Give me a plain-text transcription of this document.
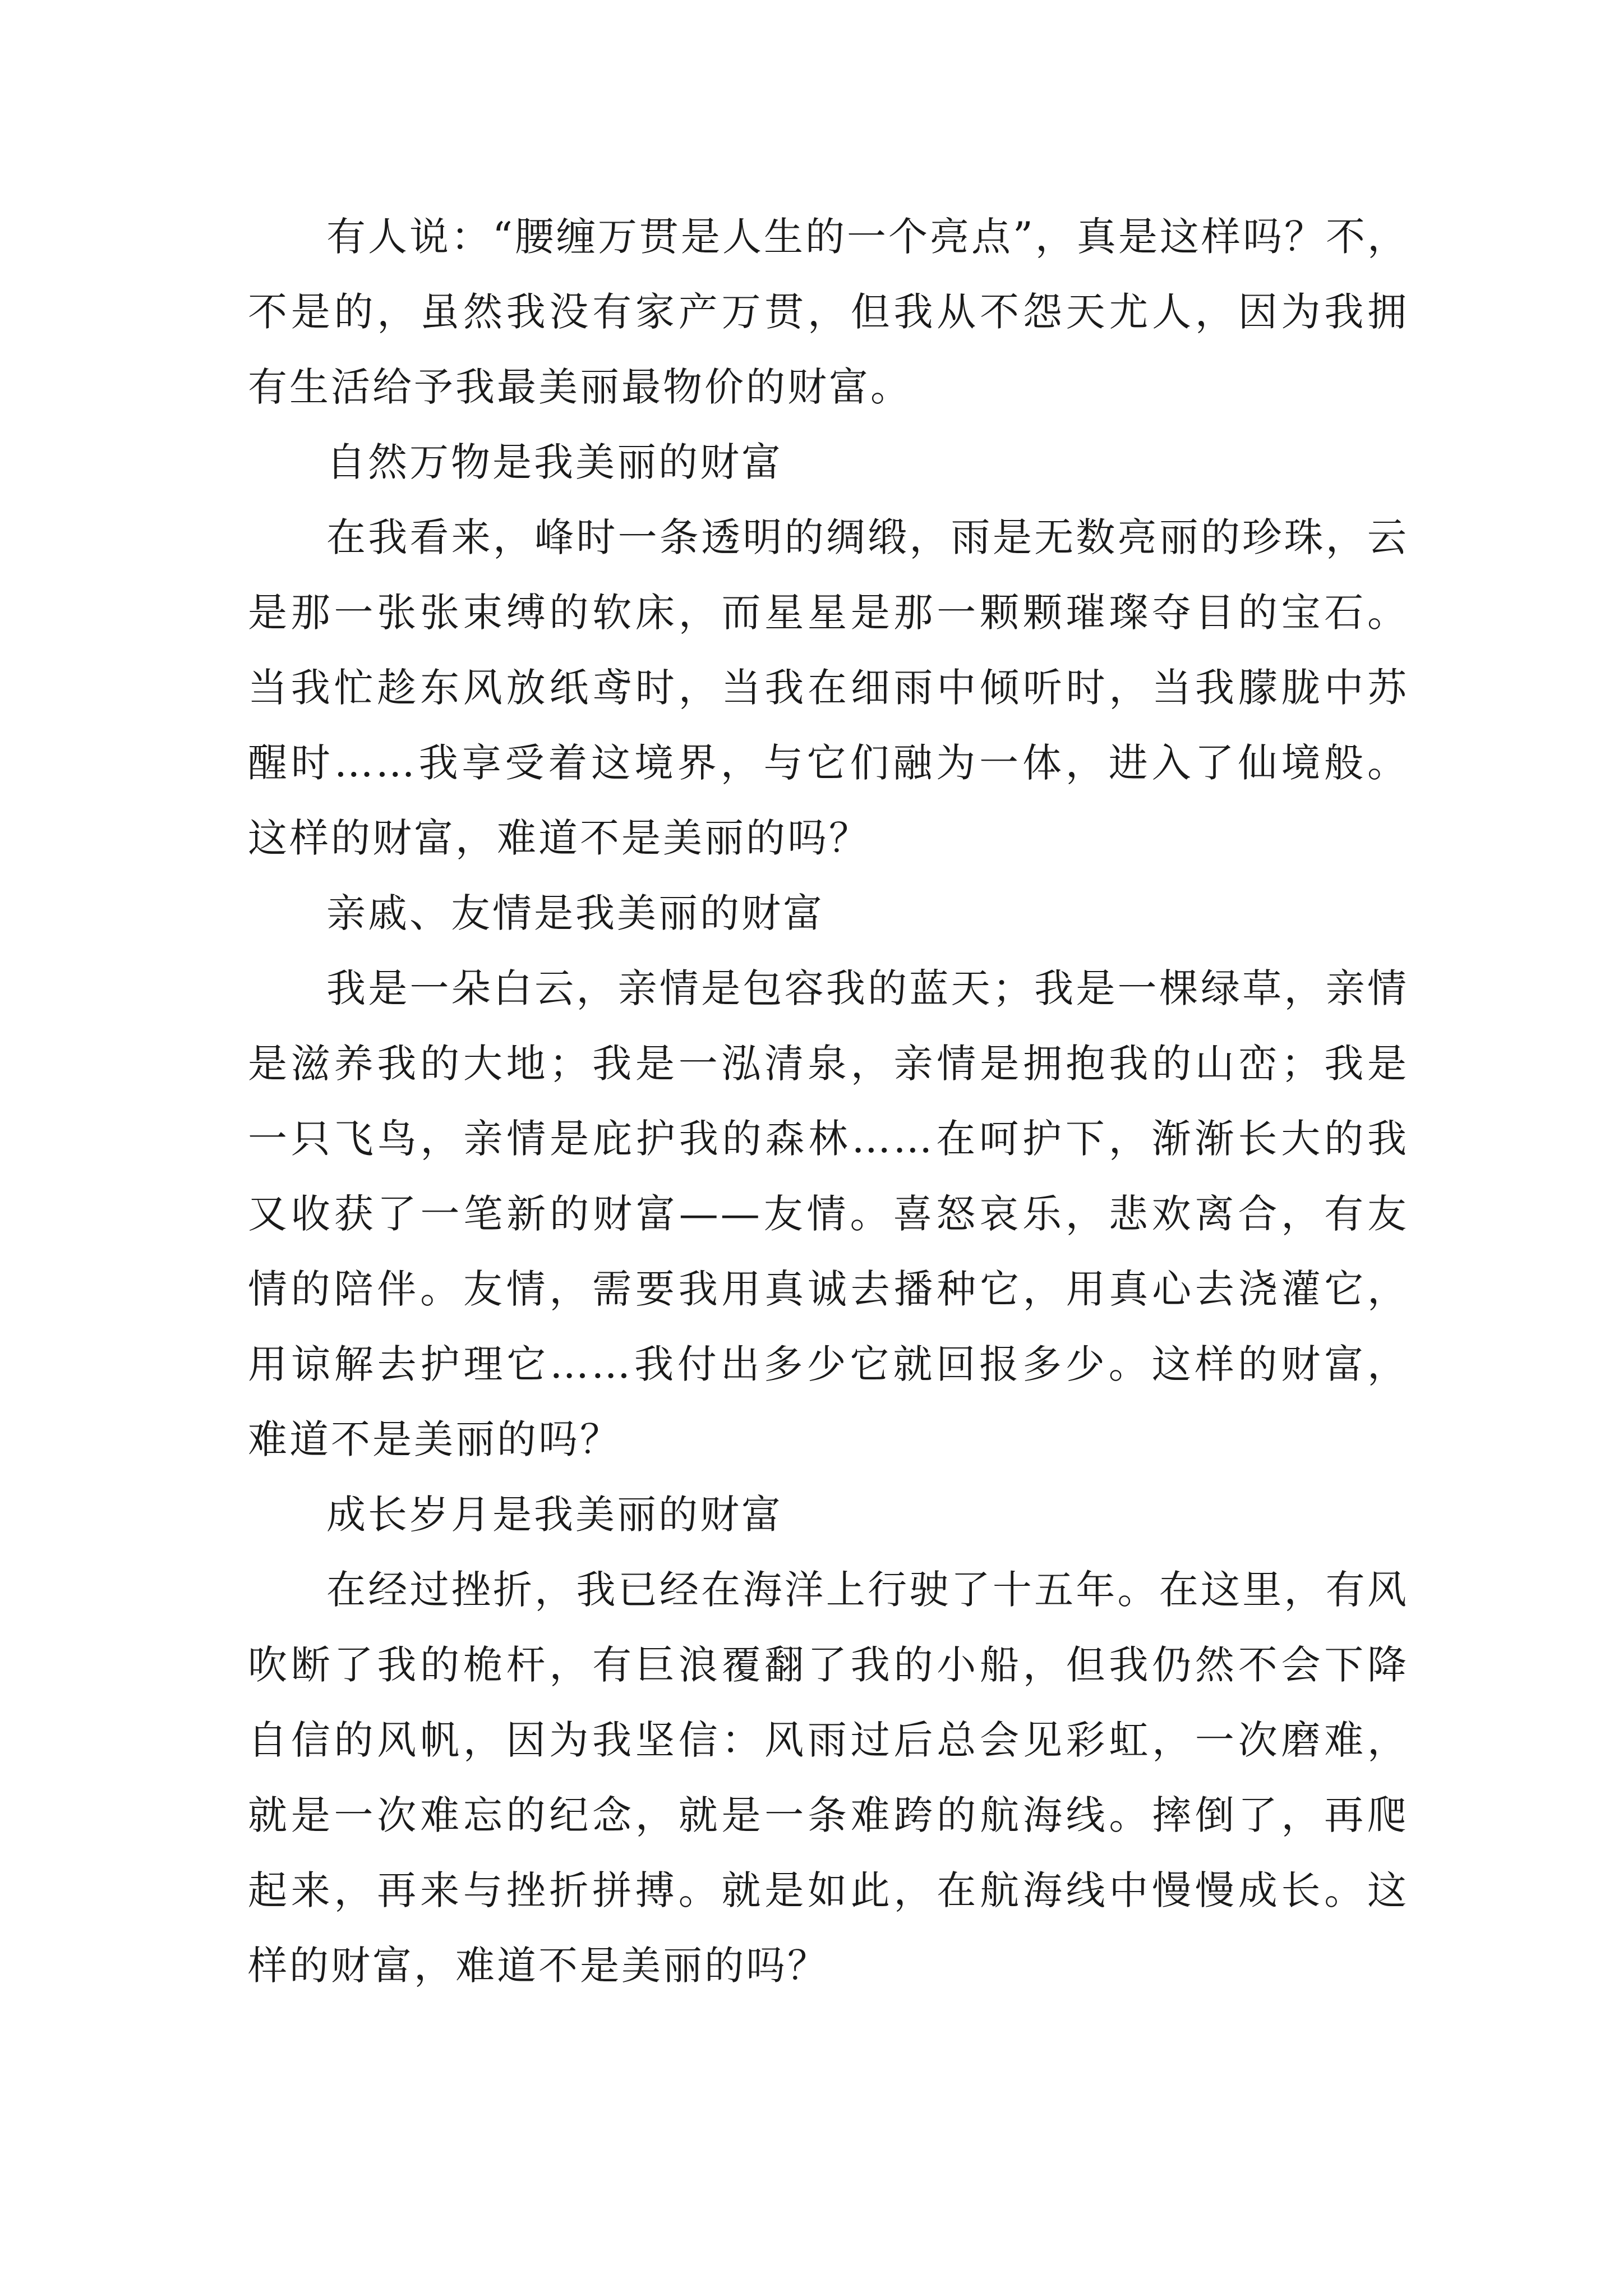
有人说：“腰缠万贯是人生的一个亮点”，真是这样吗？不，不是的，虽然我没有家产万贯，但我从不怨天尤人，因为我拥有生活给予我最美丽最物价的财富。

自然万物是我美丽的财富

在我看来，峰时一条透明的绸缎，雨是无数亮丽的珍珠，云是那一张张束缚的软床，而星星是那一颗颗璀璨夺目的宝石。当我忙趁东风放纸鸢时，当我在细雨中倾听时，当我朦胧中苏醒时……我享受着这境界，与它们融为一体，进入了仙境般。这样的财富，难道不是美丽的吗？

亲戚、友情是我美丽的财富

我是一朵白云，亲情是包容我的蓝天；我是一棵绿草，亲情是滋养我的大地；我是一泓清泉，亲情是拥抱我的山峦；我是一只飞鸟，亲情是庇护我的森林……在呵护下，渐渐长大的我又收获了一笔新的财富——友情。喜怒哀乐，悲欢离合，有友情的陪伴。友情，需要我用真诚去播种它，用真心去浇灌它，用谅解去护理它……我付出多少它就回报多少。这样的财富，难道不是美丽的吗？

成长岁月是我美丽的财富

在经过挫折，我已经在海洋上行驶了十五年。在这里，有风吹断了我的桅杆，有巨浪覆翻了我的小船，但我仍然不会下降自信的风帆，因为我坚信：风雨过后总会见彩虹，一次磨难，就是一次难忘的纪念，就是一条难跨的航海线。摔倒了，再爬起来，再来与挫折拼搏。就是如此，在航海线中慢慢成长。这样的财富，难道不是美丽的吗？
